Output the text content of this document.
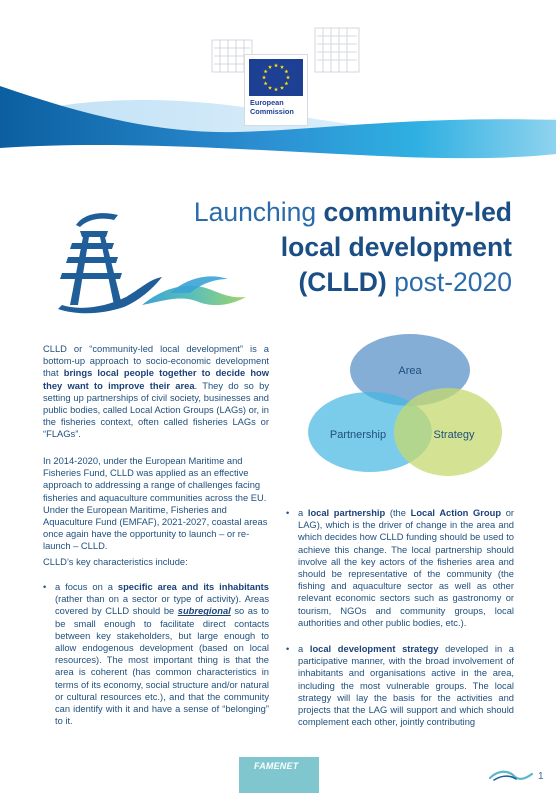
European
Commission
Launching community-led
local development
(CLLD) post-2020
Area
Partnership	Strategy
CLLD or “community-led local development” is a bottom-up approach to socio-economic development that brings local people together to decide how they want to improve their area. They do so by setting up partnerships of civil society, businesses and public bodies, called Local Action Groups (LAGs) or, in the fisheries context, often called fisheries LAGs or “FLAGs”.
In 2014-2020, under the European Maritime and Fisheries Fund, CLLD was applied as an effective approach to addressing a range of challenges facing fisheries and aquaculture communities across the EU. Under the European Maritime, Fisheries and Aquaculture Fund (EMFAF), 2021-2027, coastal areas once again have the opportunity to launch – or re-launch – CLLD.
CLLD’s key characteristics include:
• a focus on a specific area and its inhabitants (rather than on a sector or type of activity). Areas covered by CLLD should be subregional so as to be small enough to facilitate direct contacts between key stakeholders, but large enough to allow endogenous development (based on local resources). The most important thing is that the area is coherent (has common characteristics in terms of its economy, social structure and/or natural or cultural resources etc.), and that the community can identify with it and have a sense of “belonging” to it.
• a local partnership (the Local Action Group or LAG), which is the driver of change in the area and which decides how CLLD funding should be used to achieve this change. The local partnership should involve all the key actors of the fisheries area and should be representative of the community (the fishing and aquaculture sector as well as other relevant economic sectors such as gastronomy or tourism, NGOs and community groups, local authorities and other public bodies, etc.).
• a local development strategy developed in a participative manner, with the broad involvement of inhabitants and organisations active in the area, including the most vulnerable groups. The local strategy will lay the basis for the activities and projects that the LAG will support and which should complement each other, jointly contributing
FAMENET
1
